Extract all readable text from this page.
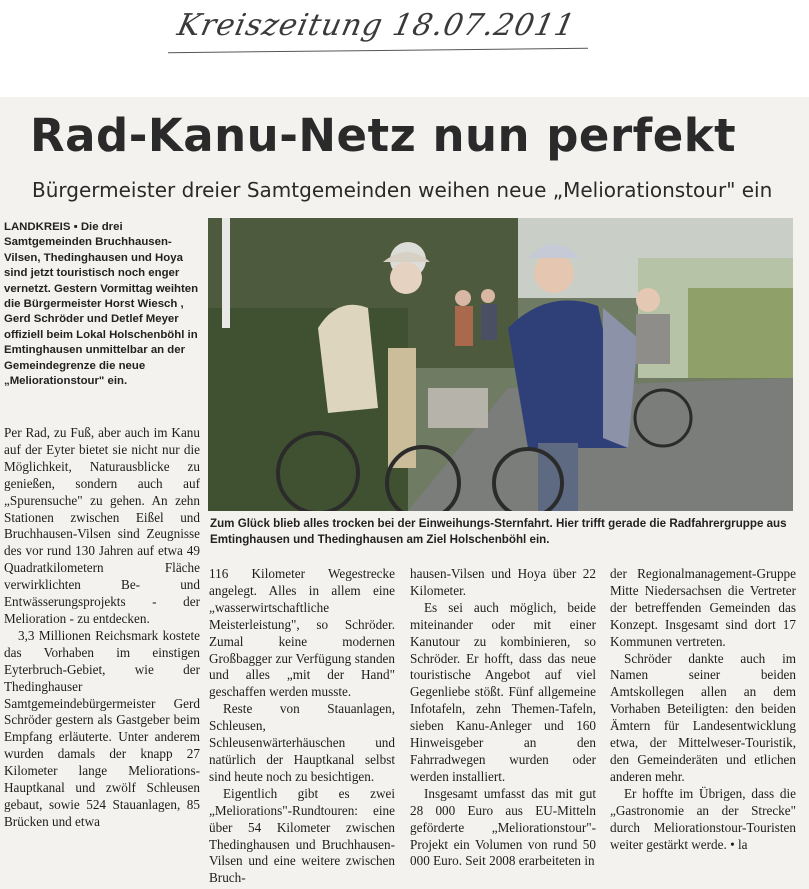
Kreiszeitung 18.07.2011
Rad-Kanu-Netz nun perfekt
Bürgermeister dreier Samtgemeinden weihen neue „Meliorationstour" ein
LANDKREIS ▪ Die drei Samtgemeinden Bruchhausen-Vilsen, Thedinghausen und Hoya sind jetzt touristisch noch enger vernetzt. Gestern Vormittag weihten die Bürgermeister Horst Wiesch , Gerd Schröder und Detlef Meyer offiziell beim Lokal Holschenböhl in Emtinghausen unmittelbar an der Gemeindegrenze die neue „Meliorationstour" ein.
Zum Glück blieb alles trocken bei der Einweihungs-Sternfahrt. Hier trifft gerade die Radfahrergruppe aus Emtinghausen und Thedinghausen am Ziel Holschenböhl ein.

Per Rad, zu Fuß, aber auch im Kanu auf der Eyter bietet sie nicht nur die Möglichkeit, Naturausblicke zu genießen, sondern auch auf „Spurensuche" zu gehen. An zehn Stationen zwischen Eißel und Bruchhausen-Vilsen sind Zeugnisse des vor rund 130 Jahren auf etwa 49 Quadratkilometern Fläche verwirklichten Be- und Entwässerungsprojekts - der Melioration - zu entdecken.

3,3 Millionen Reichsmark kostete das Vorhaben im einstigen Eyterbruch-Gebiet, wie der Thedinghauser Samtgemeindebürgermeister Gerd Schröder gestern als Gastgeber beim Empfang erläuterte. Unter anderem wurden damals der knapp 27 Kilometer lange Meliorations-Hauptkanal und zwölf Schleusen gebaut, sowie 524 Stauanlagen, 85 Brücken und etwa

116 Kilometer Wegestrecke angelegt. Alles in allem eine „wasserwirtschaftliche Meisterleistung", so Schröder. Zumal keine modernen Großbagger zur Verfügung standen und alles „mit der Hand" geschaffen werden musste.

Reste von Stauanlagen, Schleusen, Schleusenwärterhäuschen und natürlich der Hauptkanal selbst sind heute noch zu besichtigen.

Eigentlich gibt es zwei „Meliorations"-Rundtouren: eine über 54 Kilometer zwischen Thedinghausen und Bruchhausen-Vilsen und eine weitere zwischen Bruch-

hausen-Vilsen und Hoya über 22 Kilometer.

Es sei auch möglich, beide miteinander oder mit einer Kanutour zu kombinieren, so Schröder. Er hofft, dass das neue touristische Angebot auf viel Gegenliebe stößt. Fünf allgemeine Infotafeln, zehn Themen-Tafeln, sieben Kanu-Anleger und 160 Hinweisgeber an den Fahrradwegen wurden oder werden installiert.

Insgesamt umfasst das mit gut 28 000 Euro aus EU-Mitteln geförderte „Meliorationstour"-Projekt ein Volumen von rund 50 000 Euro. Seit 2008 erarbeiteten in

der Regionalmanagement-Gruppe Mitte Niedersachsen die Vertreter der betreffenden Gemeinden das Konzept. Insgesamt sind dort 17 Kommunen vertreten.

Schröder dankte auch im Namen seiner beiden Amtskollegen allen an dem Vorhaben Beteiligten: den beiden Ämtern für Landesentwicklung etwa, der Mittelweser-Touristik, den Gemeinderäten und etlichen anderen mehr.

Er hoffte im Übrigen, dass die „Gastronomie an der Strecke" durch Meliorationstour-Touristen weiter gestärkt werde. • la
